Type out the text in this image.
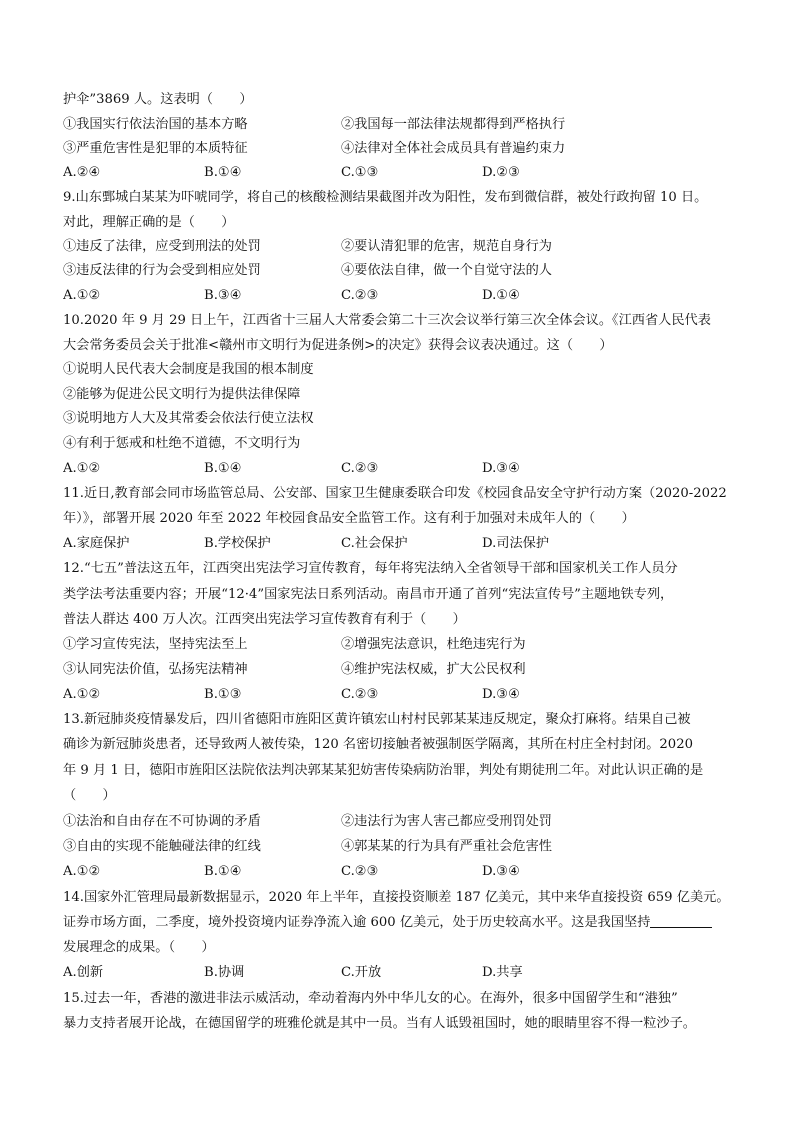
护伞”3869 人。这表明（　　）
①我国实行依法治国的基本方略	②我国每一部法律法规都得到严格执行
③严重危害性是犯罪的本质特征	④法律对全体社会成员具有普遍约束力
A.②④	B.①④	C.①③	D.②③
9.山东鄄城白某某为吓唬同学，将自己的核酸检测结果截图并改为阳性，发布到微信群，被处行政拘留 10 日。
对此，理解正确的是（　　）
①违反了法律，应受到刑法的处罚	②要认清犯罪的危害，规范自身行为
③违反法律的行为会受到相应处罚	④要依法自律，做一个自觉守法的人
A.①②	B.③④	C.②③	D.①④
10.2020 年 9 月 29 日上午，江西省十三届人大常委会第二十三次会议举行第三次全体会议。《江西省人民代表
大会常务委员会关于批准<赣州市文明行为促进条例>的决定》获得会议表决通过。这（　　）
①说明人民代表大会制度是我国的根本制度
②能够为促进公民文明行为提供法律保障
③说明地方人大及其常委会依法行使立法权
④有利于惩戒和杜绝不道德，不文明行为
A.①②	B.①④	C.②③	D.③④
11.近日,教育部会同市场监管总局、公安部、国家卫生健康委联合印发《校园食品安全守护行动方案（2020-2022
年）》，部署开展 2020 年至 2022 年校园食品安全监管工作。这有利于加强对未成年人的（　　）
A.家庭保护	B.学校保护	C.社会保护	D.司法保护
12.“七五”普法这五年，江西突出宪法学习宣传教育，每年将宪法纳入全省领导干部和国家机关工作人员分
类学法考法重要内容；开展“12·4”国家宪法日系列活动。南昌市开通了首列“宪法宣传号”主题地铁专列，
普法人群达 400 万人次。江西突出宪法学习宣传教育有利于（　　）
①学习宣传宪法，坚持宪法至上	②增强宪法意识，杜绝违宪行为
③认同宪法价值，弘扬宪法精神	④维护宪法权威，扩大公民权利
A.①②	B.①③	C.②③	D.③④
13.新冠肺炎疫情暴发后，四川省德阳市旌阳区黄许镇宏山村村民郭某某违反规定，聚众打麻将。结果自己被
确诊为新冠肺炎患者，还导致两人被传染，120 名密切接触者被强制医学隔离，其所在村庄全村封闭。2020
年 9 月 1 日，德阳市旌阳区法院依法判决郭某某犯妨害传染病防治罪，判处有期徒刑二年。对此认识正确的是
（　　）
①法治和自由存在不可协调的矛盾	②违法行为害人害己都应受刑罚处罚
③自由的实现不能触碰法律的红线	④郭某某的行为具有严重社会危害性
A.①②	B.①④	C.②③	D.③④
14.国家外汇管理局最新数据显示，2020 年上半年，直接投资顺差 187 亿美元，其中来华直接投资 659 亿美元。
证券市场方面，二季度，境外投资境内证券净流入逾 600 亿美元，处于历史较高水平。这是我国坚持
发展理念的成果。（　　）
A.创新	B.协调	C.开放	D.共享
15.过去一年，香港的激进非法示威活动，牵动着海内外中华儿女的心。在海外，很多中国留学生和“港独”
暴力支持者展开论战，在德国留学的班雅伦就是其中一员。当有人诋毁祖国时，她的眼睛里容不得一粒沙子。
